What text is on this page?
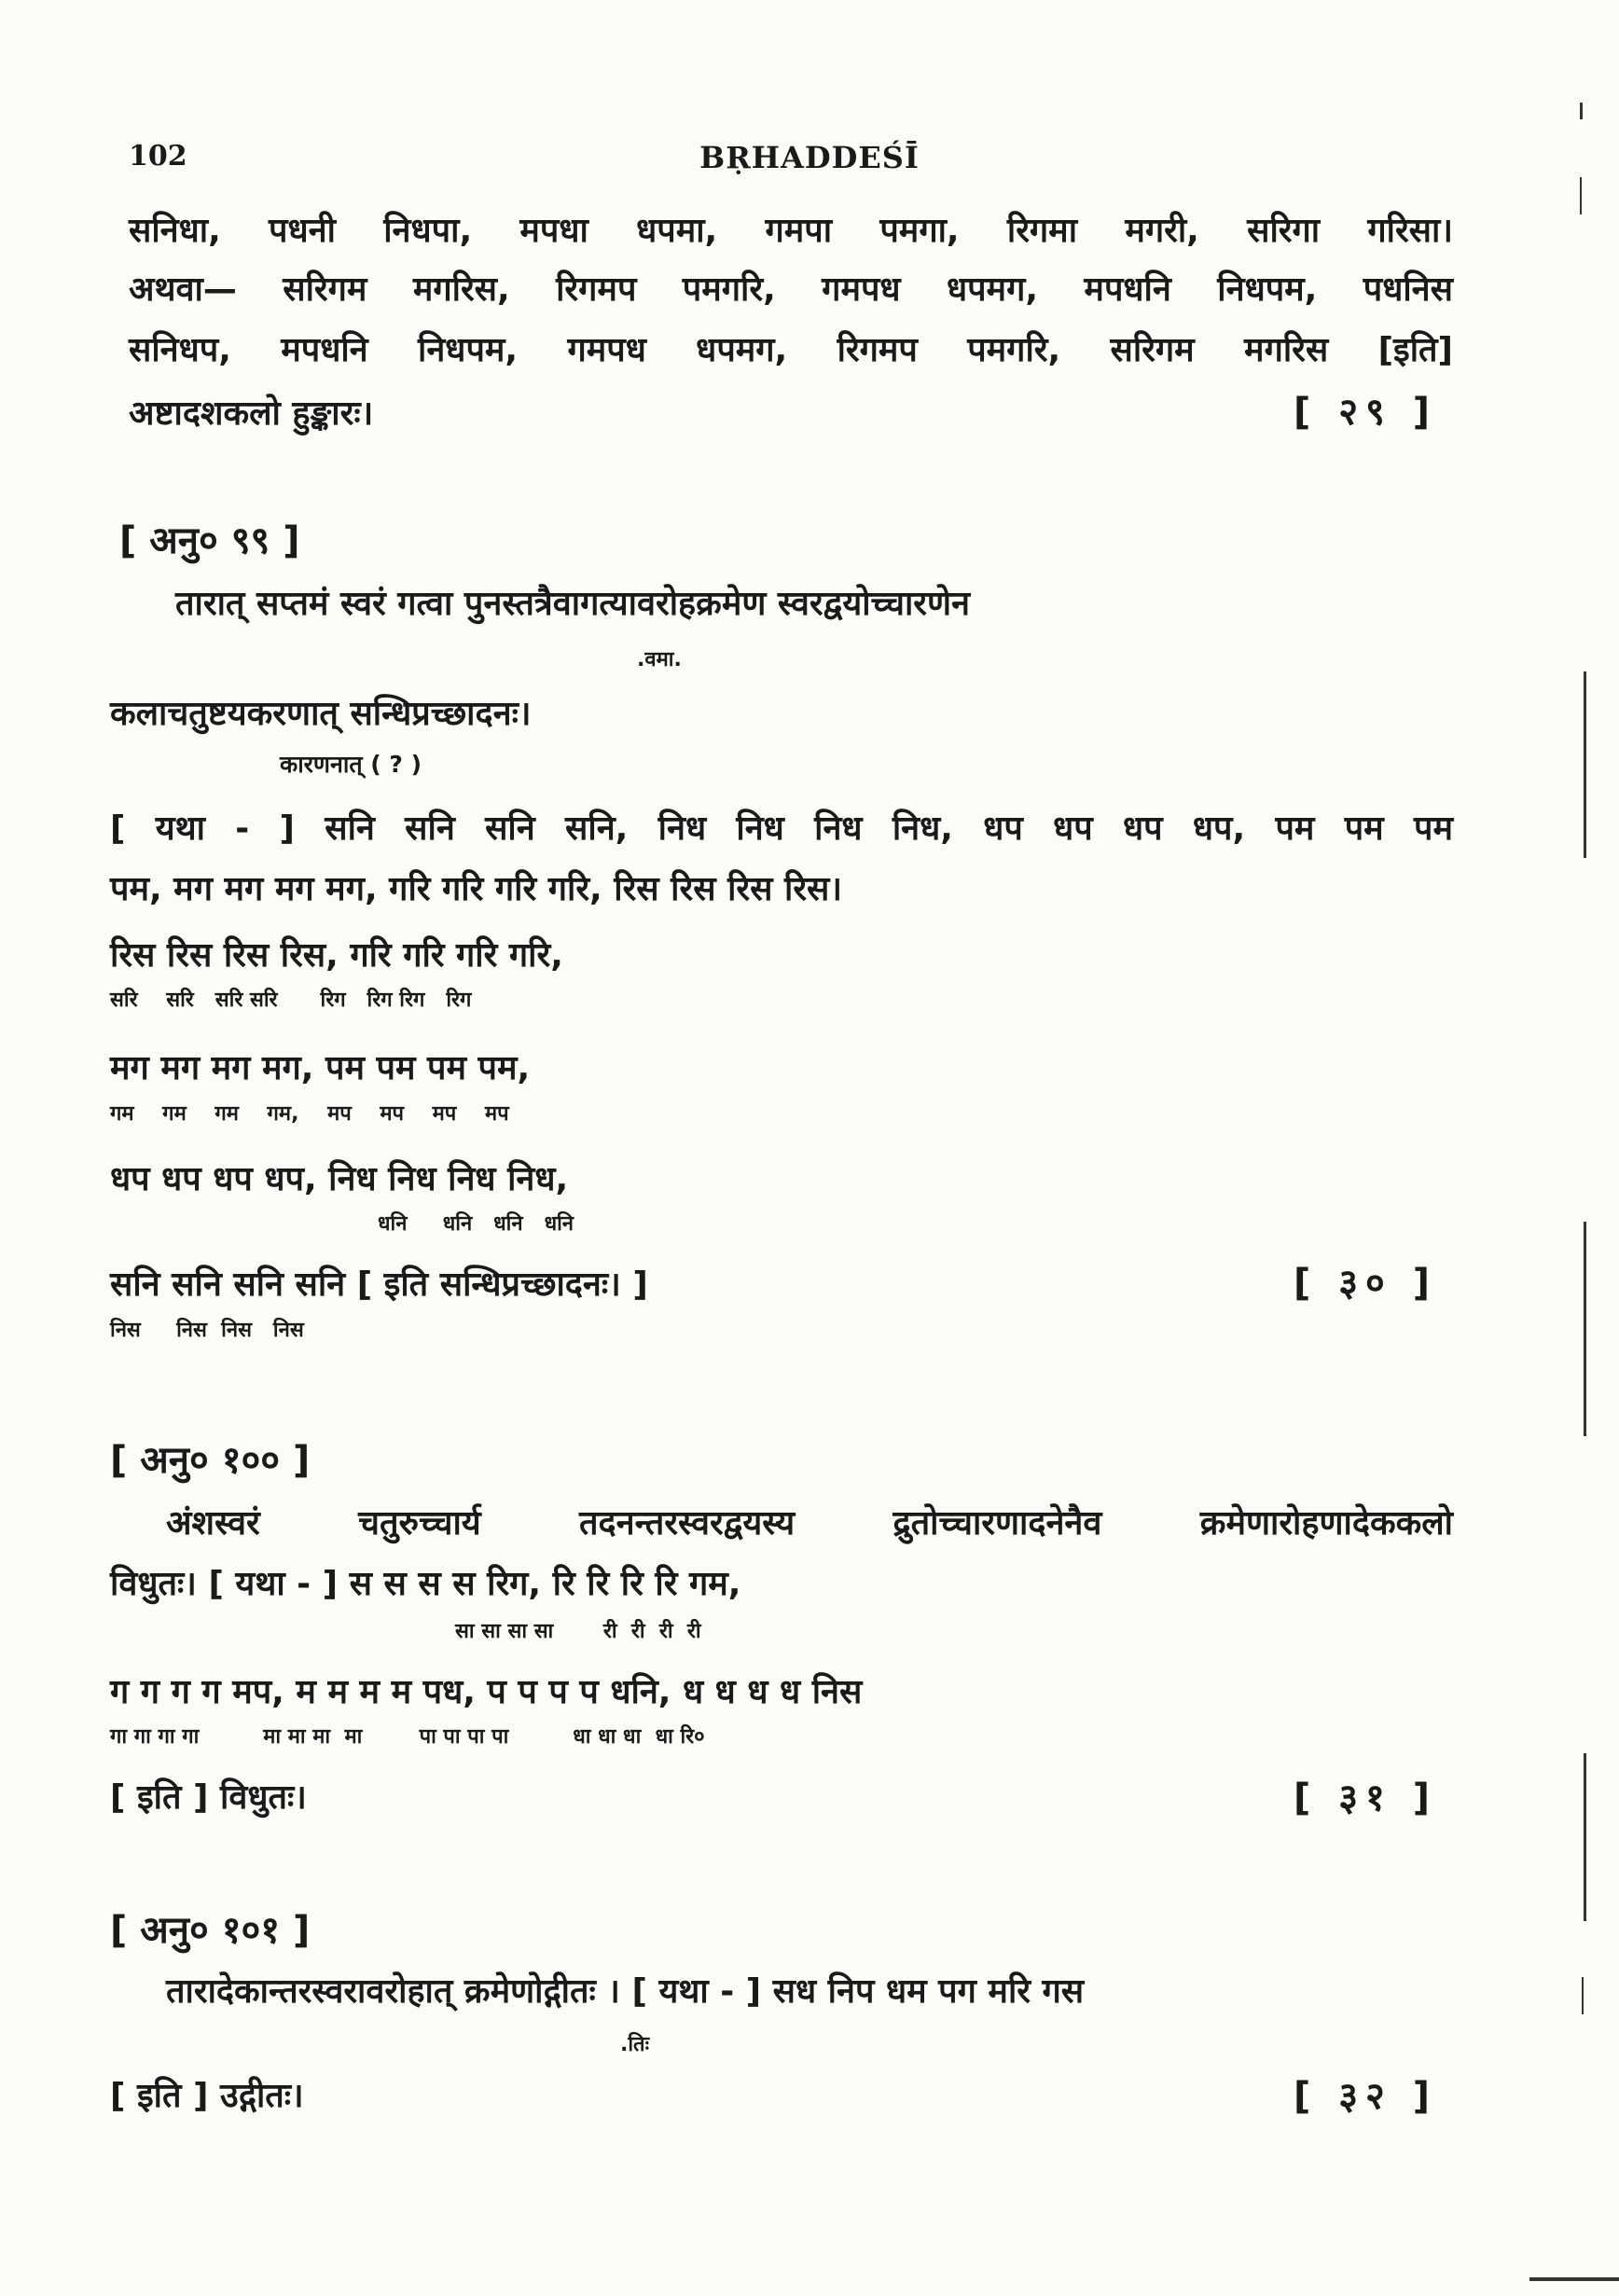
102	BṚHADDEŚĪ
सनिधा, पधनी निधपा, मपधा धपमा, गमपा पमगा, रिगमा मगरी, सरिगा गरिसा।
अथवा— सरिगम मगरिस, रिगमप पमगरि, गमपध धपमग, मपधनि निधपम, पधनिस
सनिधप, मपधनि निधपम, गमपध धपमग, रिगमप पमगरि, सरिगम मगरिस [इति]
अष्टादशकलो हुङ्कारः।	[ २९ ]
[ अनु० ९९ ]
तारात् सप्तमं स्वरं गत्वा पुनस्तत्रैवागत्यावरोहक्रमेण स्वरद्वयोच्चारणेन
.वमा.
कलाचतुष्टयकरणात् सन्धिप्रच्छादनः।
कारणनात् ( ? )
[ यथा - ] सनि सनि सनि सनि, निध निध निध निध, धप धप धप धप, पम पम पम
पम, मग मग मग मग, गरि गरि गरि गरि, रिस रिस रिस रिस।
रिस रिस रिस रिस, गरि गरि गरि गरि,
सरि    सरि   सरि सरि      रिग   रिग रिग   रिग
मग मग मग मग, पम पम पम पम,
गम    गम    गम    गम,    मप    मप    मप    मप
धप धप धप धप, निध निध निध निध,
धनि     धनि   धनि   धनि
सनि सनि सनि सनि [ इति सन्धिप्रच्छादनः। ]
निस     निस  निस   निस
[ ३० ]
[ अनु० १०० ]
अंशस्वरं चतुरुच्चार्य तदनन्तरस्वरद्वयस्य द्रुतोच्चारणादनेनैव क्रमेणारोहणादेककलो
विधुतः। [ यथा - ] स स स स रिग, रि रि रि रि गम,
सा सा सा सा       री  री  री  री
ग ग ग ग मप, म म म म पध, प प प प धनि, ध ध ध ध निस
गा गा गा गा         मा मा मा  मा        पा पा पा पा         धा धा धा  धा रि०
[ इति ] विधुतः।	[ ३१ ]
[ अनु० १०१ ]
तारादेकान्तरस्वरावरोहात् क्रमेणोद्गीतः । [ यथा - ] सध निप धम पग मरि गस
.तिः
[ इति ] उद्गीतः।	[ ३२ ]
